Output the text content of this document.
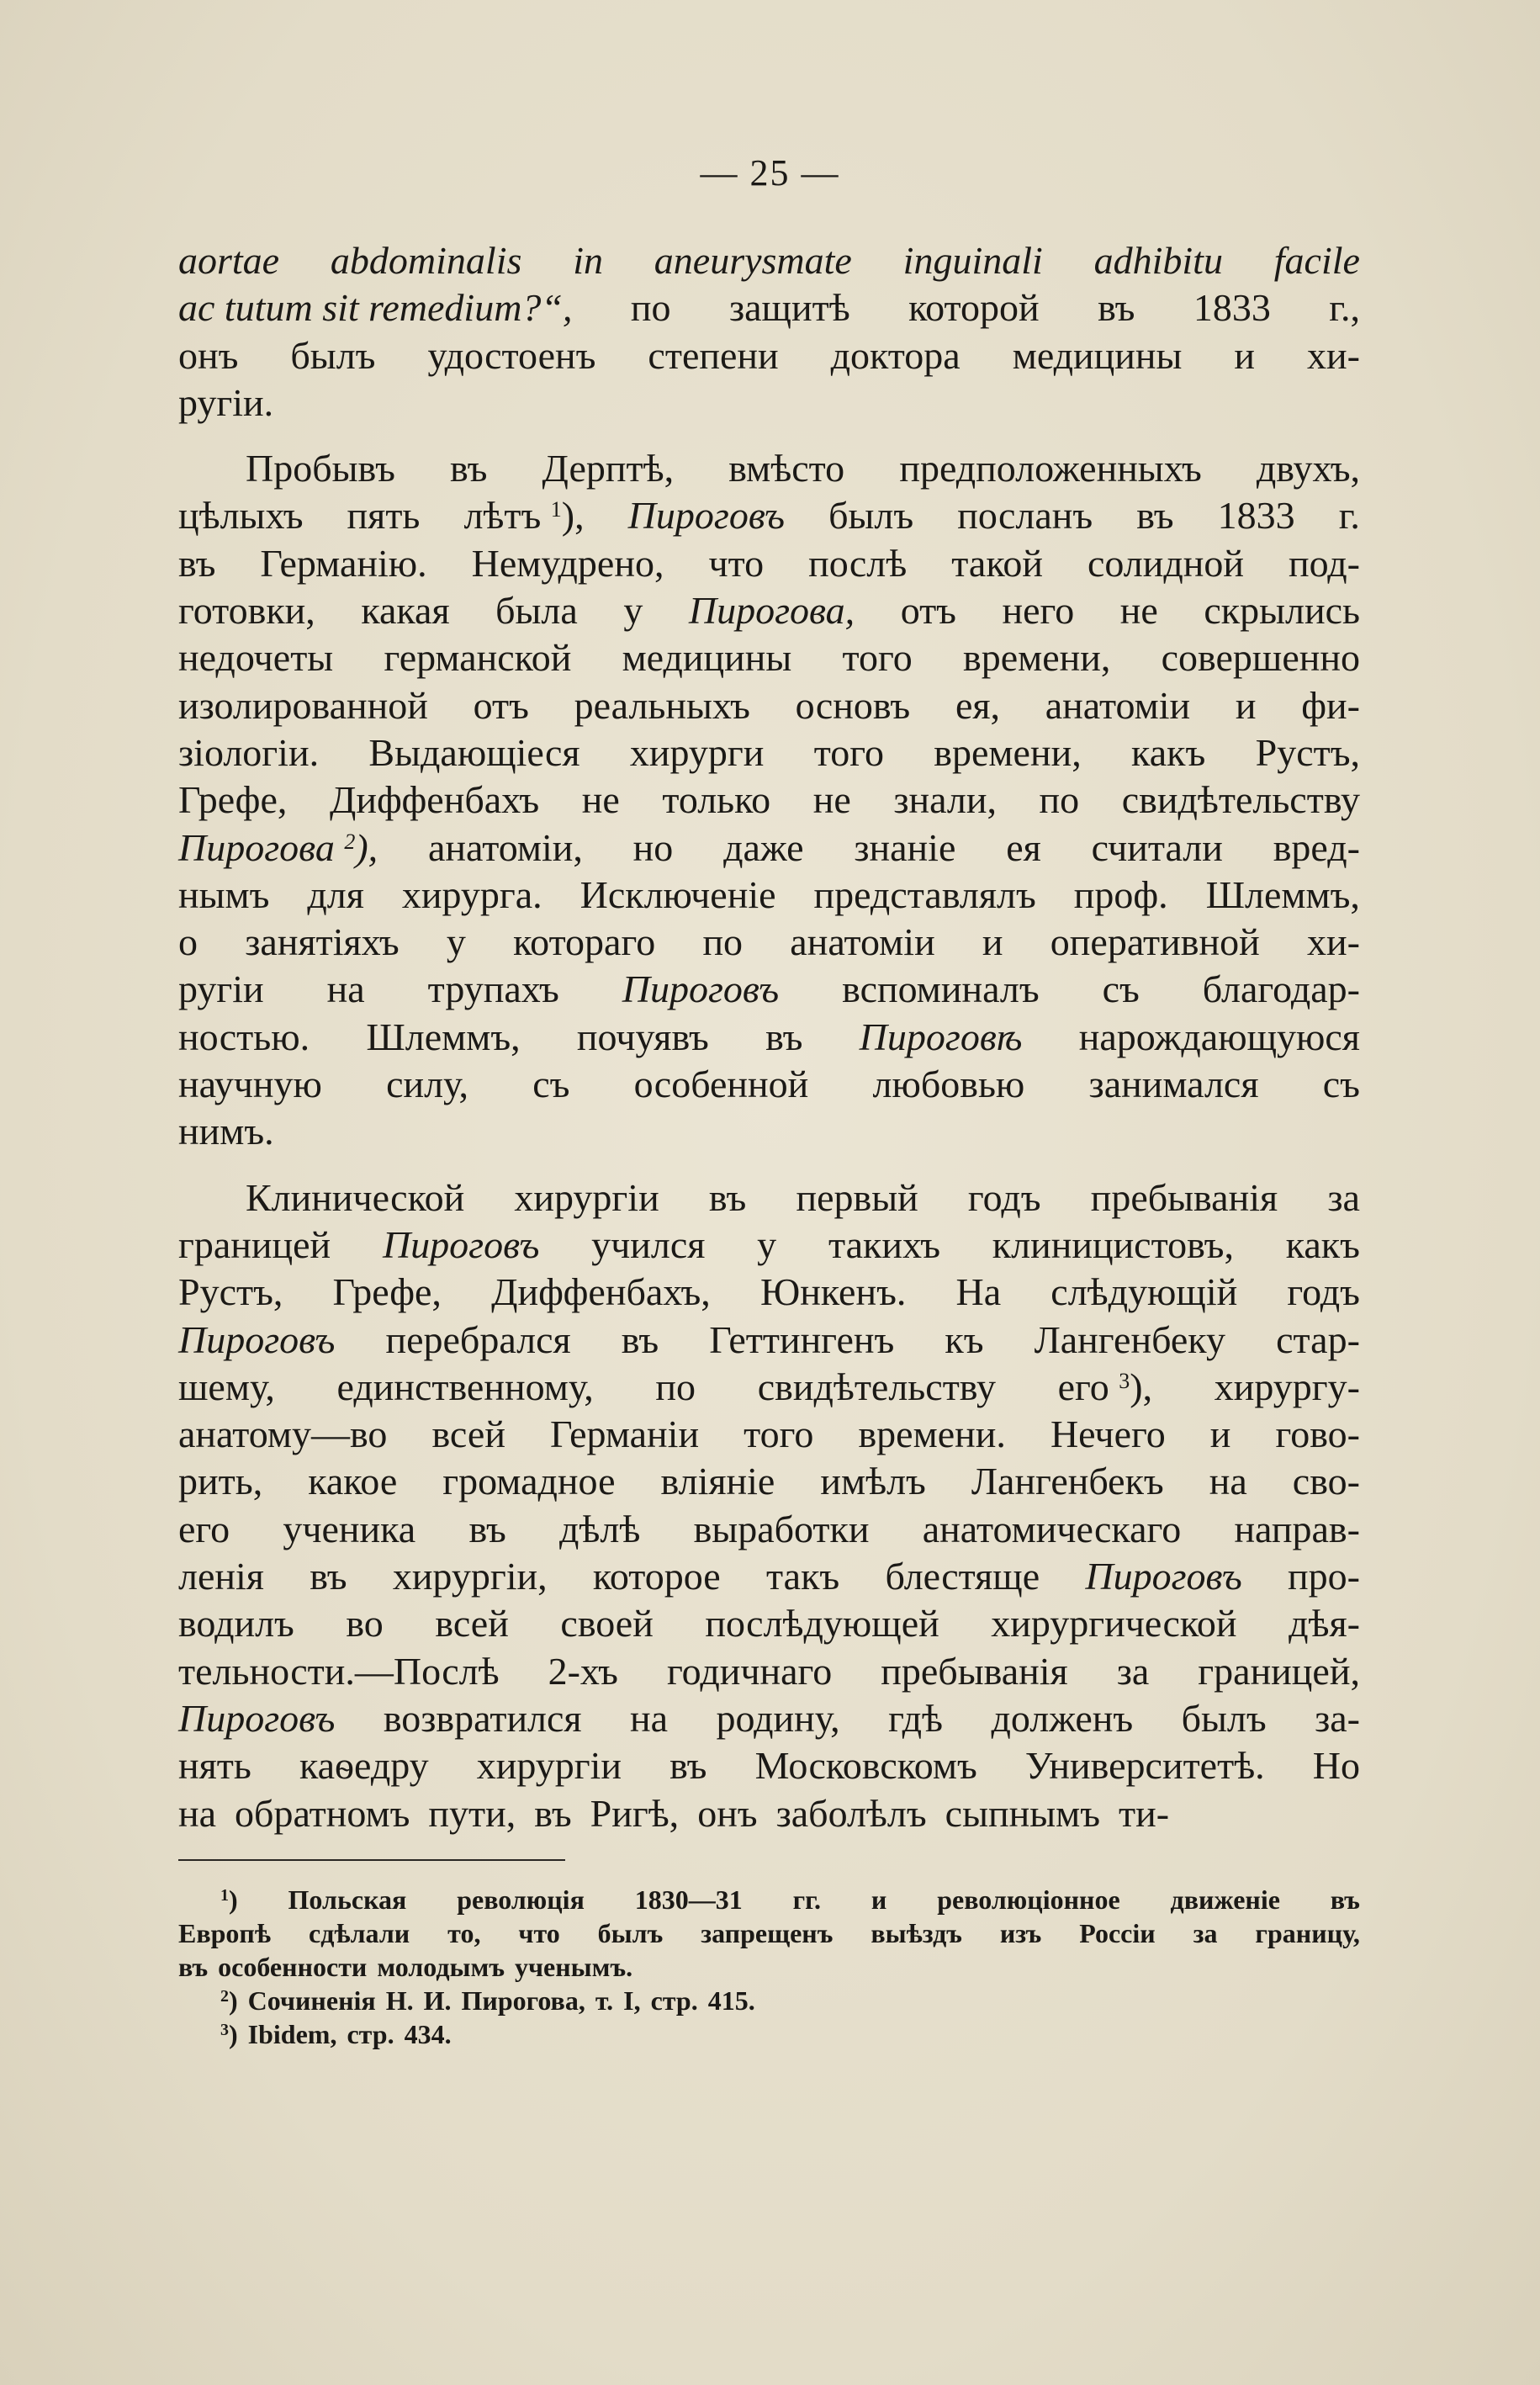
— 25 —
aortae abdominalis in aneurysmate inguinali adhibitu facile
ac tutum sit remedium?“, по защитѣ которой въ 1833 г.,
онъ былъ удостоенъ степени доктора медицины и хи-
ругіи.
Пробывъ въ Дерптѣ, вмѣсто предположенныхъ двухъ,
цѣлыхъ пять лѣтъ $^1$), Пироговъ былъ посланъ въ 1833 г.
въ Германію. Немудрено, что послѣ такой солидной под-
готовки, какая была у Пирогова, отъ него не скрылись
недочеты германской медицины того времени, совершенно
изолированной отъ реальныхъ основъ ея, анатоміи и фи-
зіологіи. Выдающіеся хирурги того времени, какъ Рустъ,
Грефе, Диффенбахъ не только не знали, по свидѣтельству
Пирогова $^2$), анатоміи, но даже знаніе ея считали вред-
нымъ для хирурга. Исключеніе представлялъ проф. Шлеммъ,
о занятіяхъ у котораго по анатоміи и оперативной хи-
ругіи на трупахъ Пироговъ вспоминалъ съ благодар-
ностью. Шлеммъ, почуявъ въ Пироговѣ нарождающуюся
научную силу, съ особенной любовью занимался съ
нимъ.
Клинической хирургіи въ первый годъ пребыванія за
границей Пироговъ учился у такихъ клиницистовъ, какъ
Рустъ, Грефе, Диффенбахъ, Юнкенъ. На слѣдующій годъ
Пироговъ перебрался въ Геттингенъ къ Лангенбеку стар-
шему, единственному, по свидѣтельству его $^3$), хирургу-
анатому—во всей Германіи того времени. Нечего и гово-
рить, какое громадное вліяніе имѣлъ Лангенбекъ на сво-
его ученика въ дѣлѣ выработки анатомическаго направ-
ленія въ хирургіи, которое такъ блестяще Пироговъ про-
водилъ во всей своей послѣдующей хирургической дѣя-
тельности.—Послѣ 2-хъ годичнаго пребыванія за границей,
Пироговъ возвратился на родину, гдѣ долженъ былъ за-
нять каѳедру хирургіи въ Московскомъ Университетѣ. Но
на обратномъ пути, въ Ригѣ, онъ заболѣлъ сыпнымъ ти-
$^1$) Польская революція 1830—31 гг. и революціонное движеніе въ
Европѣ сдѣлали то, что былъ запрещенъ выѣздъ изъ Россіи за границу,
въ особенности молодымъ ученымъ.
$^2$) Сочиненія Н. И. Пирогова, т. I, стр. 415.
$^3$) Ibidem, стр. 434.
